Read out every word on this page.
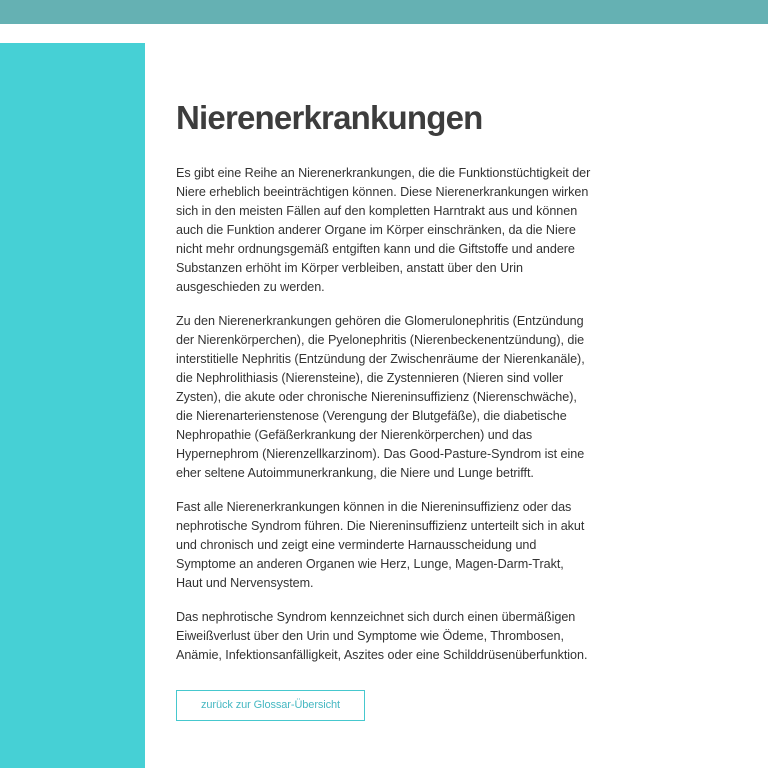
Nierenerkrankungen

Es gibt eine Reihe an Nierenerkrankungen, die die Funktionstüchtigkeit der Niere erheblich beeinträchtigen können. Diese Nierenerkrankungen wirken sich in den meisten Fällen auf den kompletten Harntrakt aus und können auch die Funktion anderer Organe im Körper einschränken, da die Niere nicht mehr ordnungsgemäß entgiften kann und die Giftstoffe und andere Substanzen erhöht im Körper verbleiben, anstatt über den Urin ausgeschieden zu werden.

Zu den Nierenerkrankungen gehören die Glomerulonephritis (Entzündung der Nierenkörperchen), die Pyelonephritis (Nierenbeckenentzündung), die interstitielle Nephritis (Entzündung der Zwischenräume der Nierenkanäle), die Nephrolithiasis (Nierensteine), die Zystennieren (Nieren sind voller Zysten), die akute oder chronische Niereninsuffizienz (Nierenschwäche), die Nierenarterienstenose (Verengung der Blutgefäße), die diabetische Nephropathie (Gefäßerkrankung der Nierenkörperchen) und das Hypernephrom (Nierenzellkarzinom). Das Good-Pasture-Syndrom ist eine eher seltene Autoimmunerkrankung, die Niere und Lunge betrifft.

Fast alle Nierenerkrankungen können in die Niereninsuffizienz oder das nephrotische Syndrom führen. Die Niereninsuffizienz unterteilt sich in akut und chronisch und zeigt eine verminderte Harnausscheidung und Symptome an anderen Organen wie Herz, Lunge, Magen-Darm-Trakt, Haut und Nervensystem.

Das nephrotische Syndrom kennzeichnet sich durch einen übermäßigen Eiweißverlust über den Urin und Symptome wie Ödeme, Thrombosen, Anämie, Infektionsanfälligkeit, Aszites oder eine Schilddrüsenüberfunktion.

zurück zur Glossar-Übersicht
